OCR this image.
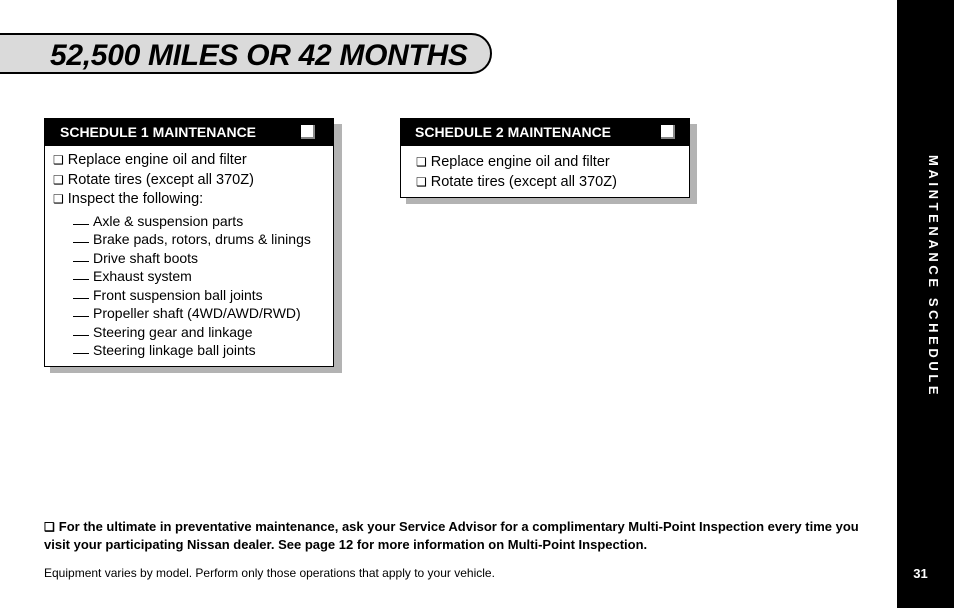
52,500 MILES OR 42 MONTHS
MAINTENANCE SCHEDULE
31
SCHEDULE 1 MAINTENANCE
❑ Replace engine oil and filter
❑ Rotate tires (except all 370Z)
❑ Inspect the following:
Axle & suspension parts
Brake pads, rotors, drums & linings
Drive shaft boots
Exhaust system
Front suspension ball joints
Propeller shaft (4WD/AWD/RWD)
Steering gear and linkage
Steering linkage ball joints
SCHEDULE 2 MAINTENANCE
❑ Replace engine oil and filter
❑ Rotate tires (except all 370Z)

❑ For the ultimate in preventative maintenance, ask your Service Advisor for a complimentary Multi-Point Inspection every time you visit your participating Nissan dealer. See page 12 for more information on Multi-Point Inspection.

Equipment varies by model. Perform only those operations that apply to your vehicle.
